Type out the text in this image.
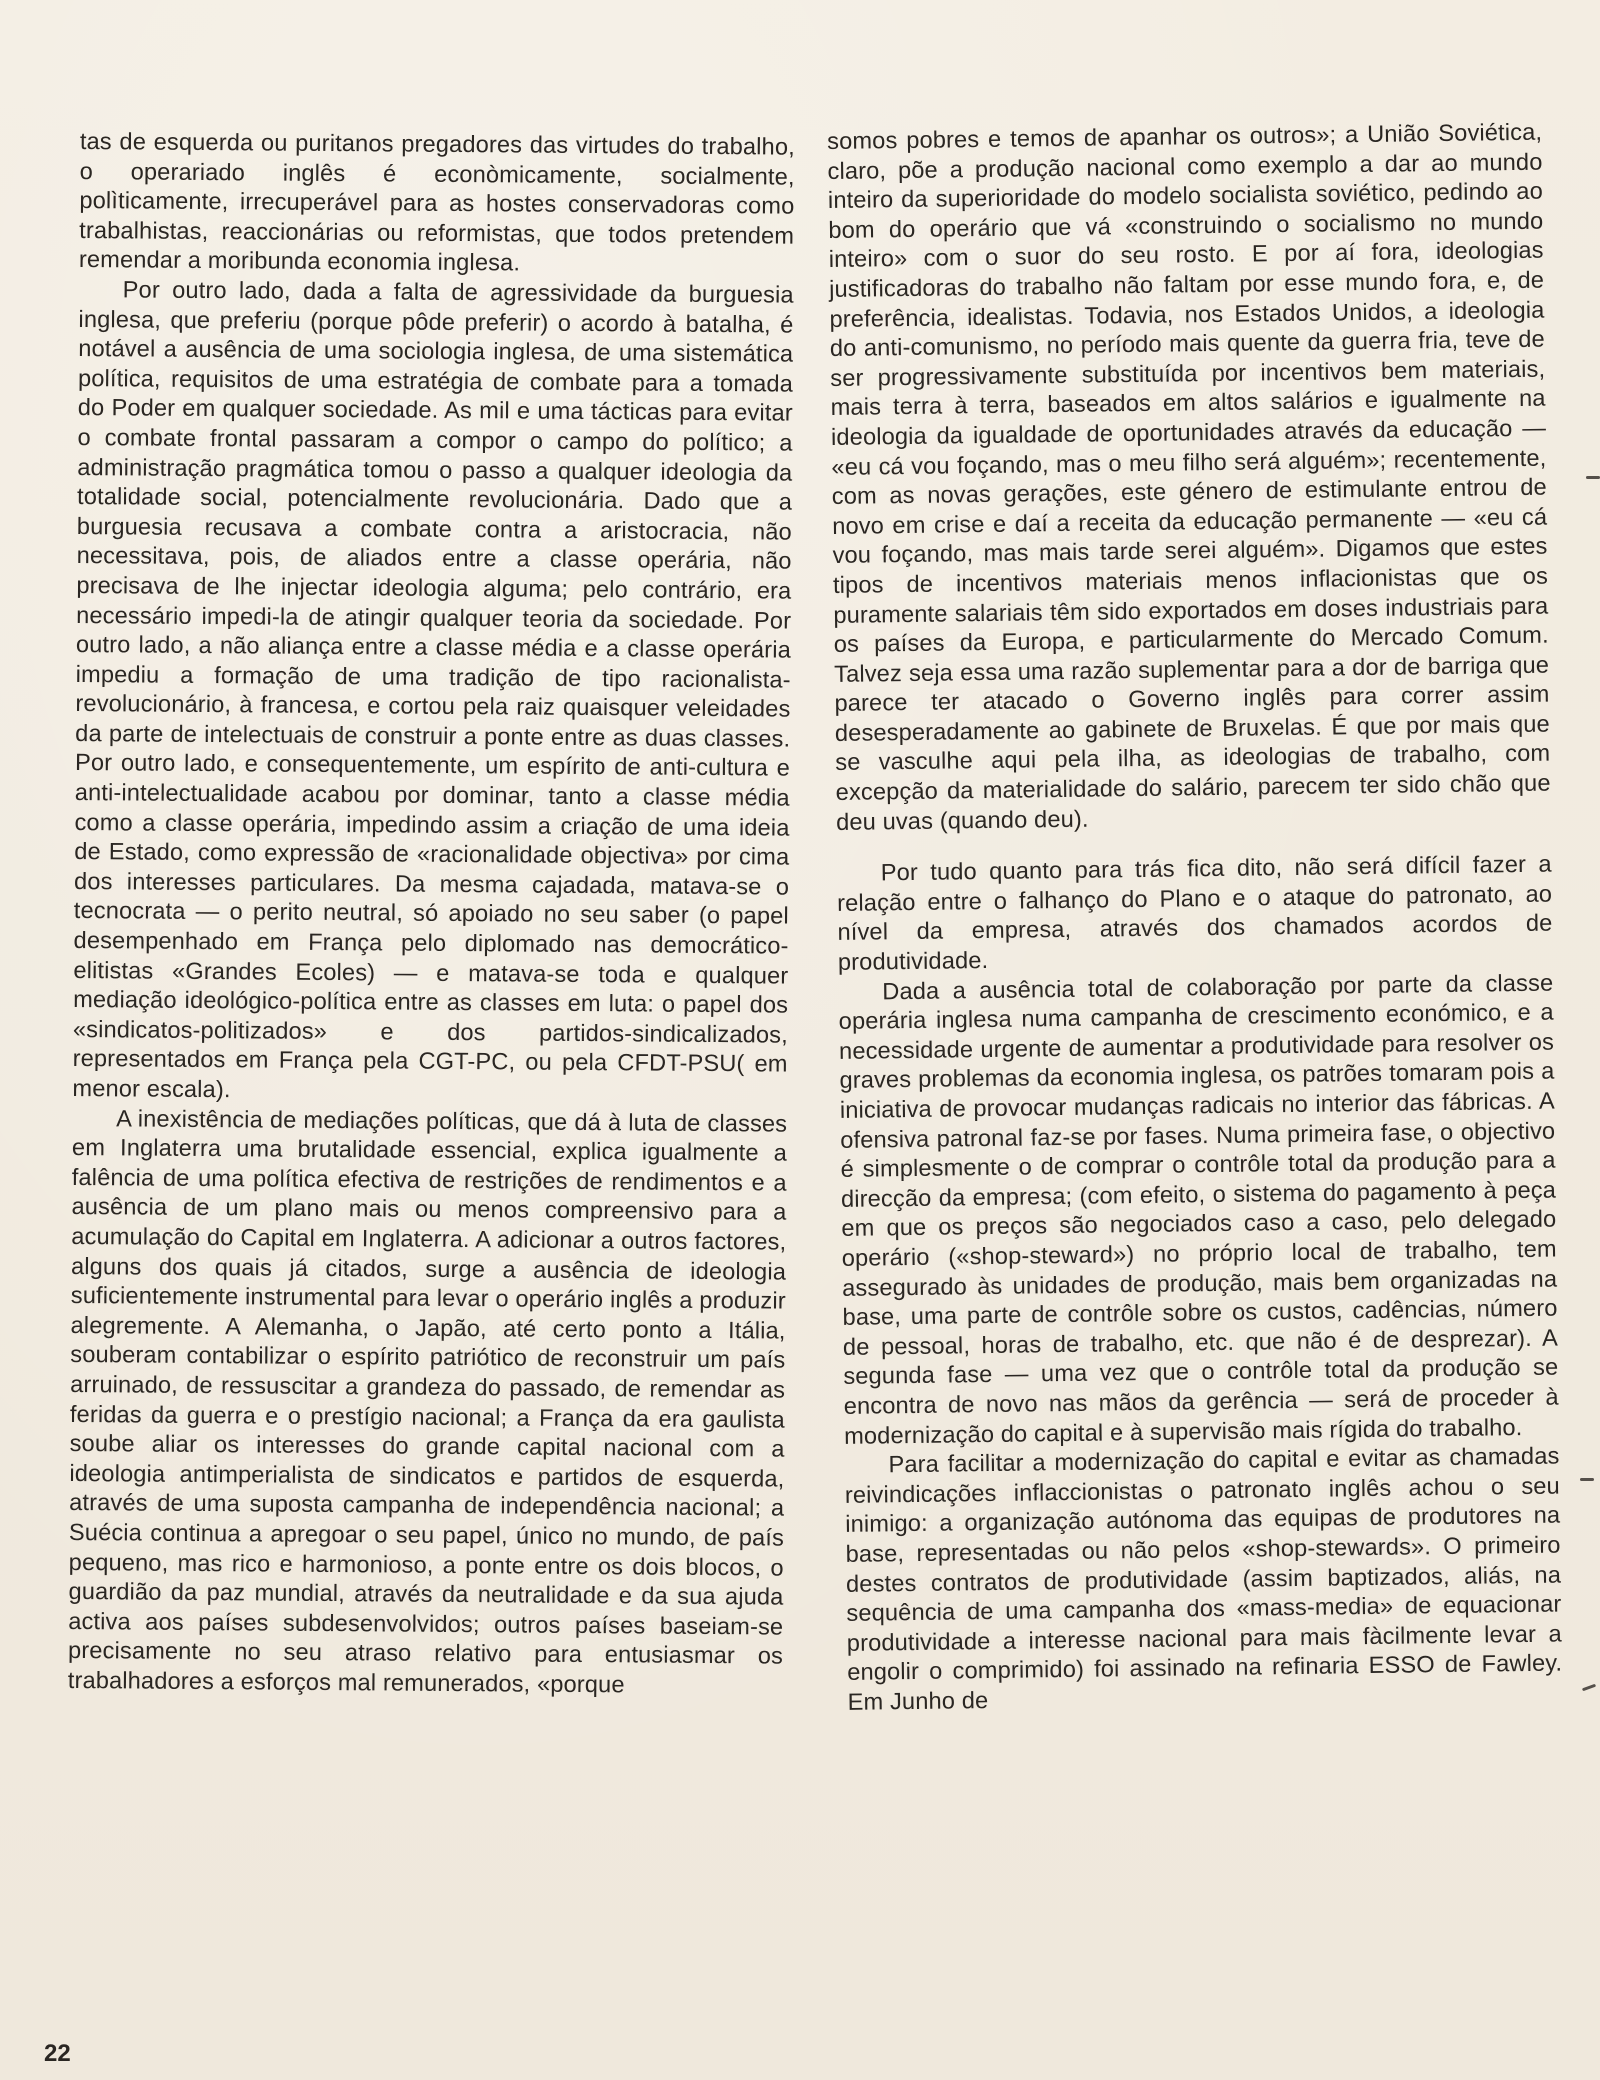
tas de esquerda ou puritanos pregadores das virtudes do trabalho, o operariado inglês é econòmicamente, socialmente, polìticamente, irrecuperável para as hostes conservadoras como trabalhistas, reaccionárias ou reformistas, que todos pretendem remendar a moribunda economia inglesa.

Por outro lado, dada a falta de agressividade da burguesia inglesa, que preferiu (porque pôde preferir) o acordo à batalha, é notável a ausência de uma sociologia inglesa, de uma sistemática política, requisitos de uma estratégia de combate para a tomada do Poder em qualquer sociedade. As mil e uma tácticas para evitar o combate frontal passaram a compor o campo do político; a administração pragmática tomou o passo a qualquer ideologia da totalidade social, potencialmente revolucionária. Dado que a burguesia recusava a combate contra a aristocracia, não necessitava, pois, de aliados entre a classe operária, não precisava de lhe injectar ideologia alguma; pelo contrário, era necessário impedi-la de atingir qualquer teoria da sociedade. Por outro lado, a não aliança entre a classe média e a classe operária impediu a formação de uma tradição de tipo racionalista-revolucionário, à francesa, e cortou pela raiz quaisquer veleidades da parte de intelectuais de construir a ponte entre as duas classes. Por outro lado, e consequentemente, um espírito de anti-cultura e anti-intelectualidade acabou por dominar, tanto a classe média como a classe operária, impedindo assim a criação de uma ideia de Estado, como expressão de «racionalidade objectiva» por cima dos interesses particulares. Da mesma cajadada, matava-se o tecnocrata — o perito neutral, só apoiado no seu saber (o papel desempenhado em França pelo diplomado nas democrático-elitistas «Grandes Ecoles) — e matava-se toda e qualquer mediação ideológico-política entre as classes em luta: o papel dos «sindicatos-politizados» e dos partidos-sindicalizados, representados em França pela CGT-PC, ou pela CFDT-PSU( em menor escala).

A inexistência de mediações políticas, que dá à luta de classes em Inglaterra uma brutalidade essencial, explica igualmente a falência de uma política efectiva de restrições de rendimentos e a ausência de um plano mais ou menos compreensivo para a acumulação do Capital em Inglaterra. A adicionar a outros factores, alguns dos quais já citados, surge a ausência de ideologia suficientemente instrumental para levar o operário inglês a produzir alegremente. A Alemanha, o Japão, até certo ponto a Itália, souberam contabilizar o espírito patriótico de reconstruir um país arruinado, de ressuscitar a grandeza do passado, de remendar as feridas da guerra e o prestígio nacional; a França da era gaulista soube aliar os interesses do grande capital nacional com a ideologia antimperialista de sindicatos e partidos de esquerda, através de uma suposta campanha de independência nacional; a Suécia continua a apregoar o seu papel, único no mundo, de país pequeno, mas rico e harmonioso, a ponte entre os dois blocos, o guardião da paz mundial, através da neutralidade e da sua ajuda activa aos países subdesenvolvidos; outros países baseiam-se precisamente no seu atraso relativo para entusiasmar os trabalhadores a esforços mal remunerados, «porque

somos pobres e temos de apanhar os outros»; a União Soviética, claro, põe a produção nacional como exemplo a dar ao mundo inteiro da superioridade do modelo socialista soviético, pedindo ao bom do operário que vá «construindo o socialismo no mundo inteiro» com o suor do seu rosto. E por aí fora, ideologias justificadoras do trabalho não faltam por esse mundo fora, e, de preferência, idealistas. Todavia, nos Estados Unidos, a ideologia do anti-comunismo, no período mais quente da guerra fria, teve de ser progressivamente substituída por incentivos bem materiais, mais terra à terra, baseados em altos salários e igualmente na ideologia da igualdade de oportunidades através da educação — «eu cá vou foçando, mas o meu filho será alguém»; recentemente, com as novas gerações, este género de estimulante entrou de novo em crise e daí a receita da educação permanente — «eu cá vou foçando, mas mais tarde serei alguém». Digamos que estes tipos de incentivos materiais menos inflacionistas que os puramente salariais têm sido exportados em doses industriais para os países da Europa, e particularmente do Mercado Comum. Talvez seja essa uma razão suplementar para a dor de barriga que parece ter atacado o Governo inglês para correr assim desesperadamente ao gabinete de Bruxelas. É que por mais que se vasculhe aqui pela ilha, as ideologias de trabalho, com excepção da materialidade do salário, parecem ter sido chão que deu uvas (quando deu).

Por tudo quanto para trás fica dito, não será difícil fazer a relação entre o falhanço do Plano e o ataque do patronato, ao nível da empresa, através dos chamados acordos de produtividade.

Dada a ausência total de colaboração por parte da classe operária inglesa numa campanha de crescimento económico, e a necessidade urgente de aumentar a produtividade para resolver os graves problemas da economia inglesa, os patrões tomaram pois a iniciativa de provocar mudanças radicais no interior das fábricas. A ofensiva patronal faz-se por fases. Numa primeira fase, o objectivo é simplesmente o de comprar o contrôle total da produção para a direcção da empresa; (com efeito, o sistema do pagamento à peça em que os preços são negociados caso a caso, pelo delegado operário («shop-steward») no próprio local de trabalho, tem assegurado às unidades de produção, mais bem organizadas na base, uma parte de contrôle sobre os custos, cadências, número de pessoal, horas de trabalho, etc. que não é de desprezar). A segunda fase — uma vez que o contrôle total da produção se encontra de novo nas mãos da gerência — será de proceder à modernização do capital e à supervisão mais rígida do trabalho.

Para facilitar a modernização do capital e evitar as chamadas reivindicações inflaccionistas o patronato inglês achou o seu inimigo: a organização autónoma das equipas de produtores na base, representadas ou não pelos «shop-stewards». O primeiro destes contratos de produtividade (assim baptizados, aliás, na sequência de uma campanha dos «mass-media» de equacionar produtividade a interesse nacional para mais fàcilmente levar a engolir o comprimido) foi assinado na refinaria ESSO de Fawley. Em Junho de

22
